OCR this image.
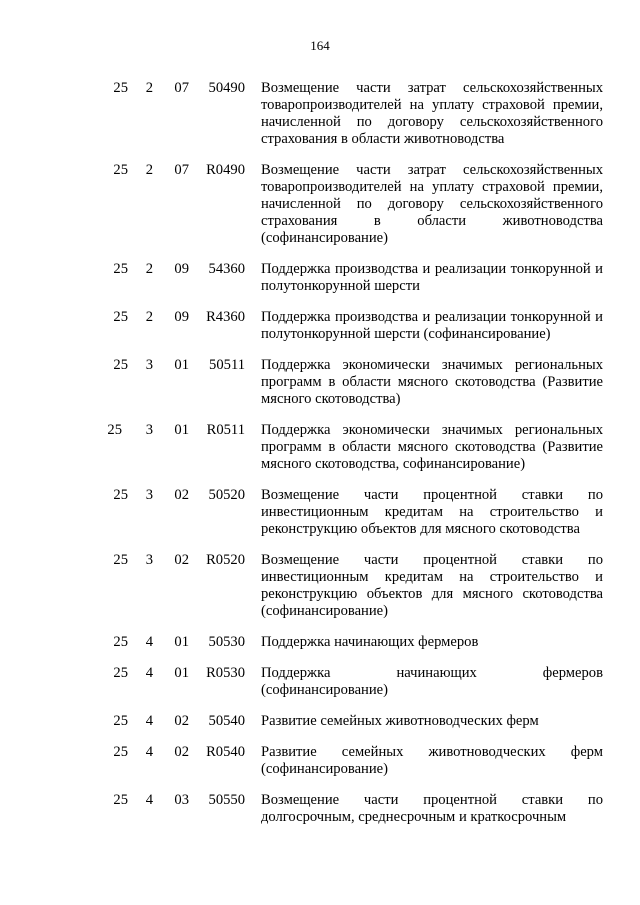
164
25	2	07	50490 Возмещение части затрат сельскохозяйственных товаропроизводителей на уплату страховой премии, начисленной по договору сельскохозяйственного страхования в области животноводства
25	2	07	R0490 Возмещение части затрат сельскохозяйственных товаропроизводителей на уплату страховой премии, начисленной по договору сельскохозяйственного страхования в области животноводства (софинансирование)
25	2	09	54360 Поддержка производства и реализации тонкорунной и полутонкорунной шерсти
25	2	09	R4360 Поддержка производства и реализации тонкорунной и полутонкорунной шерсти (софинансирование)
25	3	01	50511 Поддержка экономически значимых региональных программ в области мясного скотоводства (Развитие мясного скотоводства)
25	3	01	R0511 Поддержка экономически значимых региональных программ в области мясного скотоводства (Развитие мясного скотоводства, софинансирование)
25	3	02	50520 Возмещение части процентной ставки по инвестиционным кредитам на строительство и реконструкцию объектов для мясного скотоводства
25	3	02	R0520 Возмещение части процентной ставки по инвестиционным кредитам на строительство и реконструкцию объектов для мясного скотоводства (софинансирование)
25	4	01	50530 Поддержка начинающих фермеров
25	4	01	R0530 Поддержка начинающих фермеров (софинансирование)
25	4	02	50540 Развитие семейных животноводческих ферм
25	4	02	R0540 Развитие семейных животноводческих ферм (софинансирование)
25	4	03	50550 Возмещение части процентной ставки по долгосрочным, среднесрочным и краткосрочным
